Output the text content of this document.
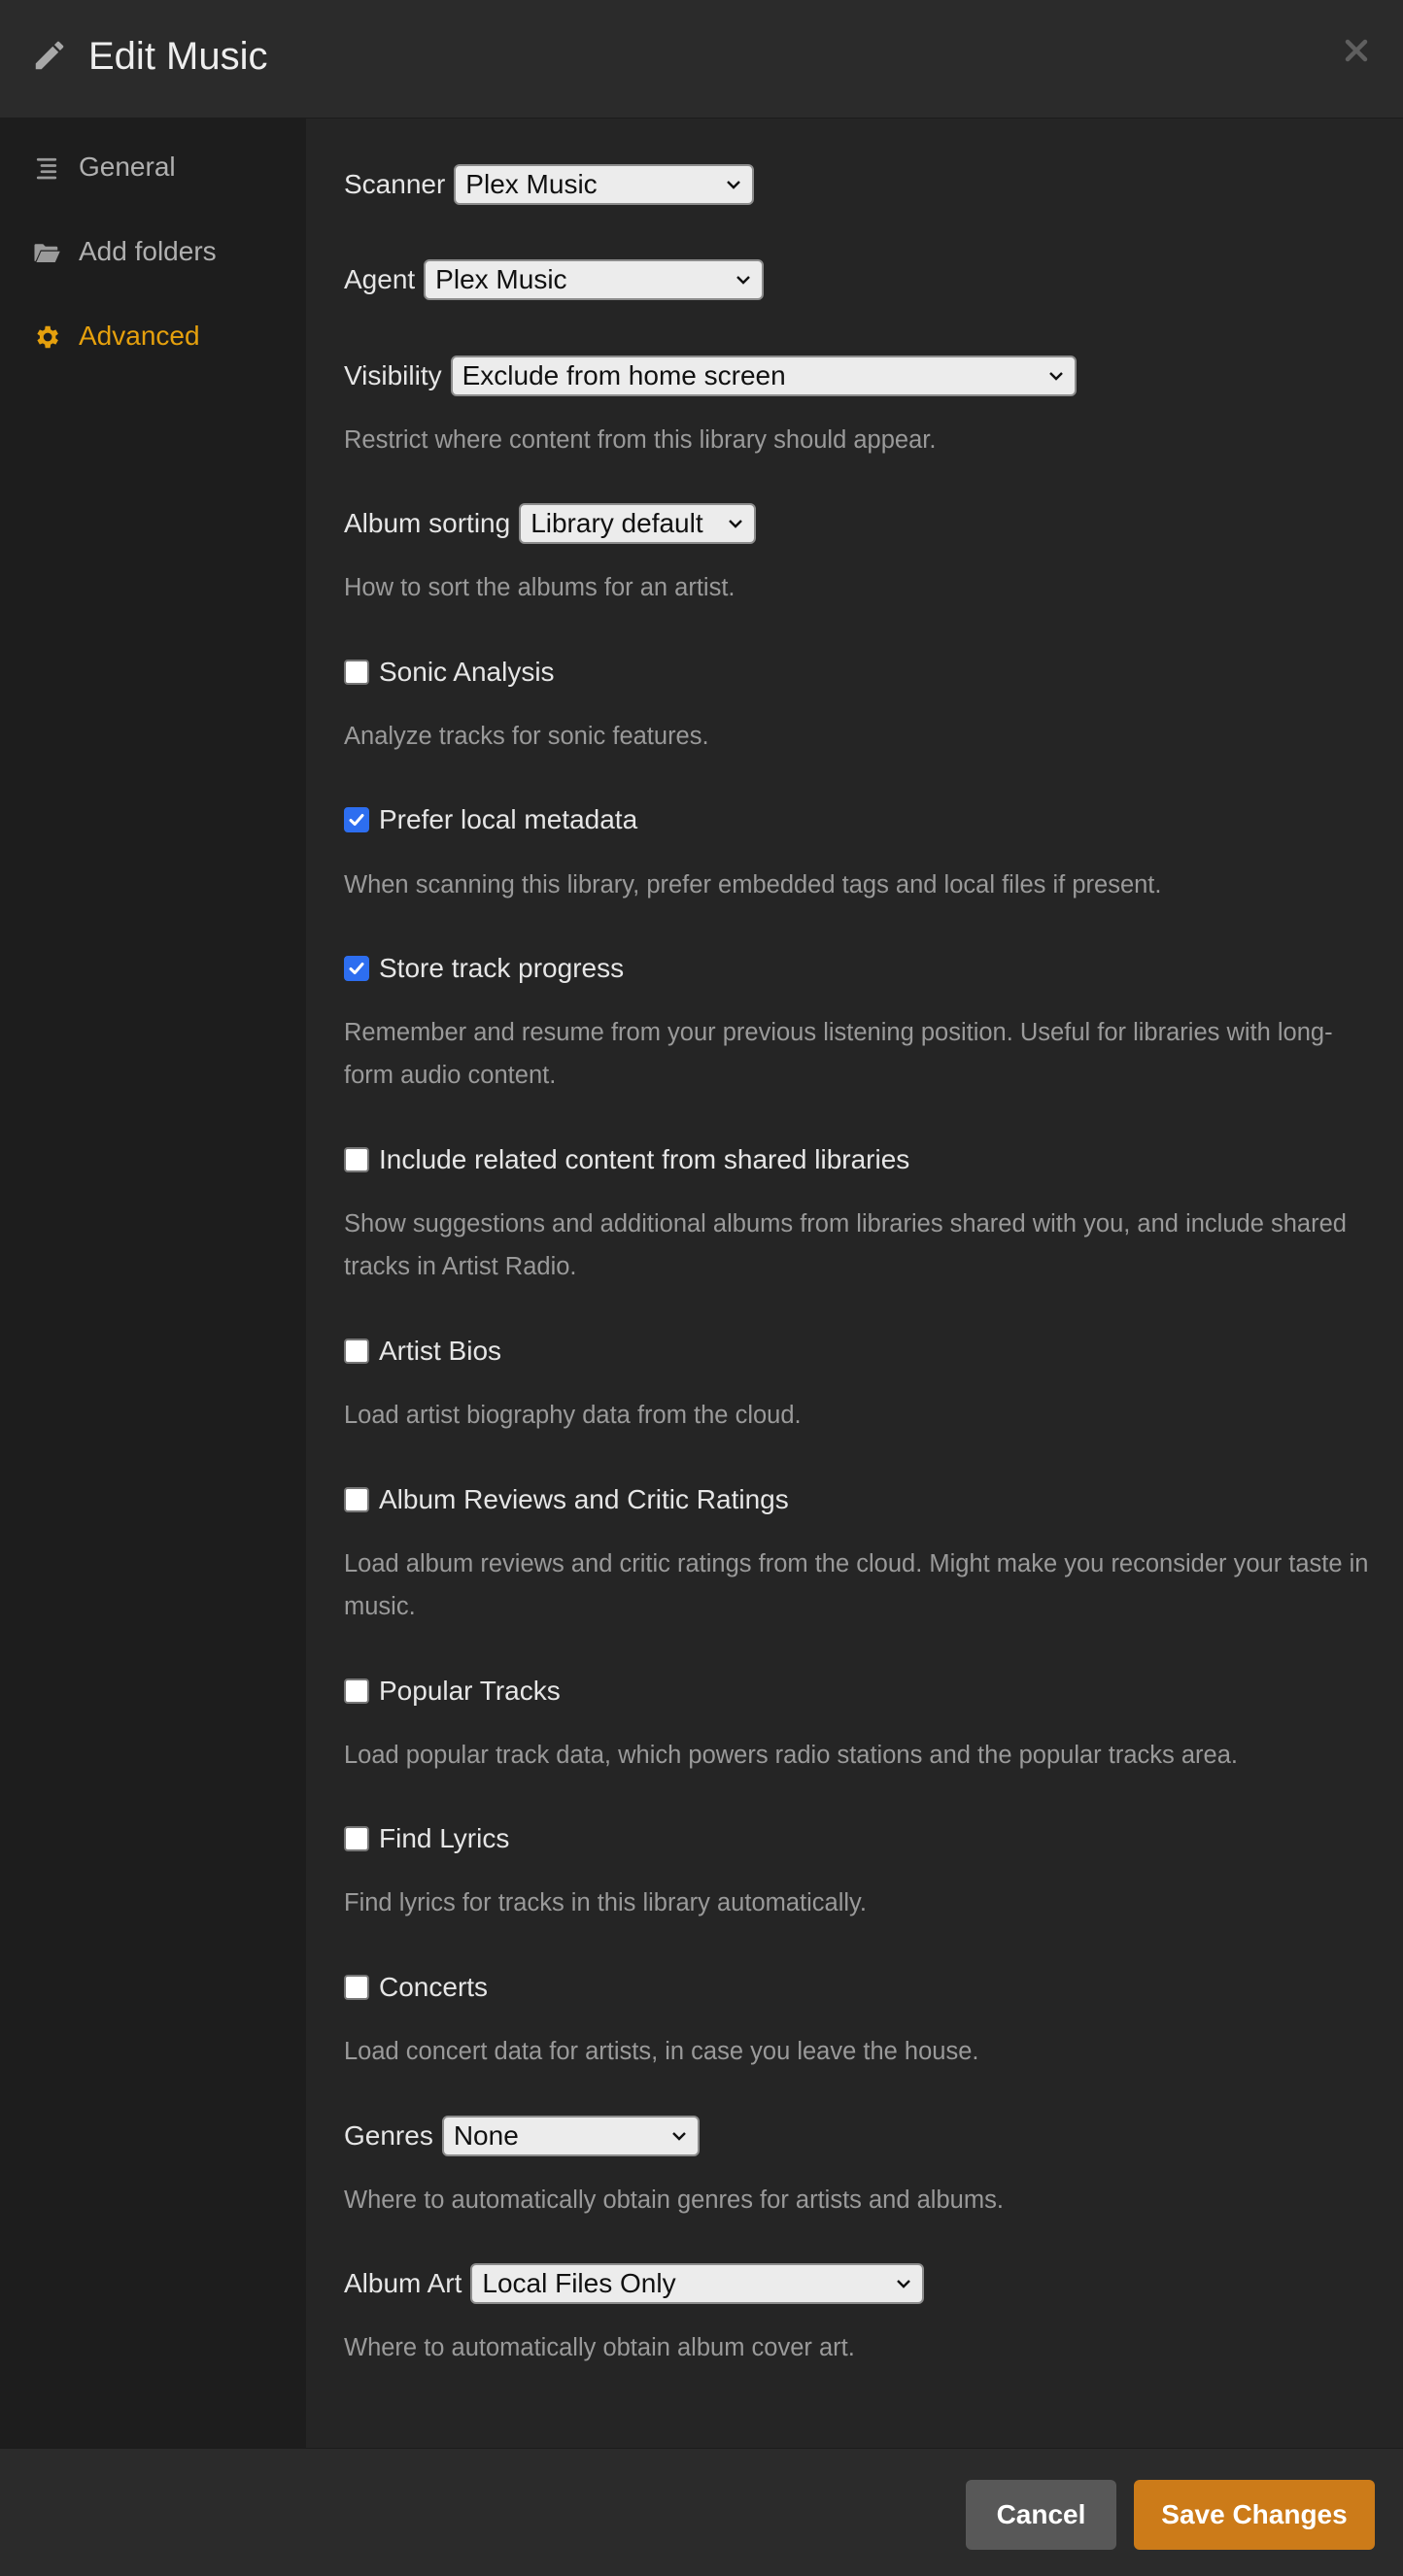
Edit Music
General
Add folders
Advanced
Scanner Plex Music
Agent Plex Music
Visibility Exclude from home screen
Restrict where content from this library should appear.
Album sorting Library default
How to sort the albums for an artist.
Sonic Analysis
Analyze tracks for sonic features.
Prefer local metadata
When scanning this library, prefer embedded tags and local files if present.
Store track progress
Remember and resume from your previous listening position. Useful for libraries with long-form audio content.
Include related content from shared libraries
Show suggestions and additional albums from libraries shared with you, and include shared tracks in Artist Radio.
Artist Bios
Load artist biography data from the cloud.
Album Reviews and Critic Ratings
Load album reviews and critic ratings from the cloud. Might make you reconsider your taste in music.
Popular Tracks
Load popular track data, which powers radio stations and the popular tracks area.
Find Lyrics
Find lyrics for tracks in this library automatically.
Concerts
Load concert data for artists, in case you leave the house.
Genres None
Where to automatically obtain genres for artists and albums.
Album Art Local Files Only
Where to automatically obtain album cover art.
Cancel	Save Changes
